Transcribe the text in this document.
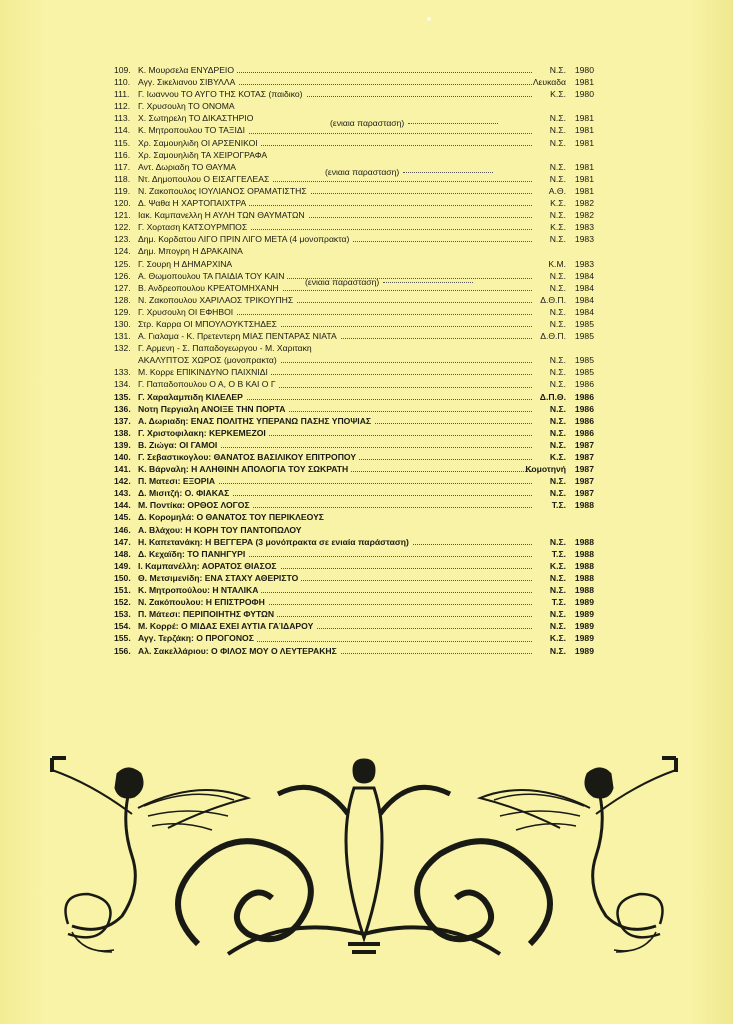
109. Κ. Μουρσελα ΕΝΥΔΡΕΙΟ	Ν.Σ.	1980
110. Αγγ. Σικελιανου ΣΙΒΥΛΛΑ	Λευκαδα	1981
111. Γ. Ιωαννου ΤΟ ΑΥΓΟ ΤΗΣ ΚΟΤΑΣ (παιδικο)	Κ.Σ.	1980
112. Γ. Χρυσουλη ΤΟ ΟΝΟΜΑ
113. Χ. Σωτηρελη ΤΟ ΔΙΚΑΣΤΗΡΙΟ	Ν.Σ.	1981
114. Κ. Μητροπουλου ΤΟ ΤΑΞΙΔΙ	Ν.Σ.	1981
115. Χρ. Σαμουηλιδη ΟΙ ΑΡΣΕΝΙΚΟΙ	Ν.Σ.	1981
116. Χρ. Σαμουηλιδη ΤΑ ΧΕΙΡΟΓΡΑΦΑ
117. Αντ. Δωριαδη ΤΟ ΘΑΥΜΑ	Ν.Σ.	1981
118. Ντ. Δημοπουλου Ο ΕΙΣΑΓΓΕΛΕΑΣ	Ν.Σ.	1981
119. Ν. Ζακοπουλος ΙΟΥΛΙΑΝΟΣ ΟΡΑΜΑΤΙΣΤΗΣ	Α.Θ.	1981
120. Δ. Ψαθα Η ΧΑΡΤΟΠΑΙΧΤΡΑ	Κ.Σ.	1982
121. Ιακ. Καμπανελλη Η ΑΥΛΗ ΤΩΝ ΘΑΥΜΑΤΩΝ	Ν.Σ.	1982
122. Γ. Χορταση ΚΑΤΣΟΥΡΜΠΟΣ	Κ.Σ.	1983
123. Δημ. Κορδατου ΛΙΓΟ ΠΡΙΝ ΛΙΓΟ ΜΕΤΑ (4 μονοπρακτα)	Ν.Σ.	1983
124. Δημ. Μπογρη Η ΔΡΑΚΑΙΝΑ
125. Γ. Σουρη Η ΔΗΜΑΡΧΙΝΑ	Κ.Μ.	1983
126. Α. Θωμοπουλου ΤΑ ΠΑΙΔΙΑ ΤΟΥ ΚΑΙΝ	Ν.Σ.	1984
127. Β. Ανδρεοπουλου ΚΡΕΑΤΟΜΗΧΑΝΗ	Ν.Σ.	1984
128. Ν. Ζακοπουλου ΧΑΡΙΛΑΟΣ ΤΡΙΚΟΥΠΗΣ	Δ.Θ.Π.	1984
129. Γ. Χρυσουλη ΟΙ ΕΦΗΒΟΙ	Ν.Σ.	1984
130. Στρ. Καρρα ΟΙ ΜΠΟΥΛΟΥΚΤΣΗΔΕΣ	Ν.Σ.	1985
131. Α. Γιαλαμα - Κ. Πρετεντερη ΜΙΑΣ ΠΕΝΤΑΡΑΣ ΝΙΑΤΑ	Δ.Θ.Π.	1985
132. Γ. Αρμενη - Σ. Παπαδογεωργου - Μ. Χαριτακη
ΑΚΑΛΥΠΤΟΣ ΧΩΡΟΣ (μονοπρακτα)	Ν.Σ.	1985
133. Μ. Κορρε ΕΠΙΚΙΝΔΥΝΟ ΠΑΙΧΝΙΔΙ	Ν.Σ.	1985
134. Γ. Παπαδοπουλου Ο Α, Ο Β ΚΑΙ Ο Γ	Ν.Σ.	1986
135. Γ. Χαραλαμπιδη ΚΙΛΕΛΕΡ	Δ.Π.Θ.	1986
136. Νοτη Περγιαλη ΑΝΟΙΞΕ ΤΗΝ ΠΟΡΤΑ	Ν.Σ.	1986
137. Α. Δωριαδη: ΕΝΑΣ ΠΟΛΙΤΗΣ ΥΠΕΡΑΝΩ ΠΑΣΗΣ ΥΠΟΨΙΑΣ	Ν.Σ.	1986
138. Γ. Χριστοφιλακη: ΚΕΡΚΕΜΕΖΟΙ	Ν.Σ.	1986
139. Β. Ζιώγα: ΟΙ ΓΑΜΟΙ	Ν.Σ.	1987
140. Γ. Σεβαστικογλου: ΘΑΝΑΤΟΣ ΒΑΣΙΛΙΚΟΥ ΕΠΙΤΡΟΠΟΥ	Κ.Σ.	1987
141. Κ. Βάρναλη: Η ΑΛΗΘΙΝΗ ΑΠΟΛΟΓΙΑ ΤΟΥ ΣΩΚΡΑΤΗ	Κομοτηνή	1987
142. Π. Ματεσι: ΕΞΟΡΙΑ	Ν.Σ.	1987
143. Δ. Μισιτζή: Ο. ΦΙΑΚΑΣ	Ν.Σ.	1987
144. Μ. Ποντίκα: ΟΡΘΟΣ ΛΟΓΟΣ	Τ.Σ.	1988
145. Δ. Κορομηλά: Ο ΘΑΝΑΤΟΣ ΤΟΥ ΠΕΡΙΚΛΕΟΥΣ
146. Α. Βλάχου: Η ΚΟΡΗ ΤΟΥ ΠΑΝΤΟΠΩΛΟΥ
147. Η. Καπετανάκη: Η ΒΕΓΓΕΡΑ (3 μονόπρακτα σε ενιαία παράσταση)	Ν.Σ.	1988
148. Δ. Κεχαϊδη: ΤΟ ΠΑΝΗΓΥΡΙ	Τ.Σ.	1988
149. Ι. Καμπανέλλη: ΑΟΡΑΤΟΣ ΘΙΑΣΟΣ	Κ.Σ.	1988
150. Θ. Μετσιμενίδη: ΕΝΑ ΣΤΑΧΥ ΑΘΕΡΙΣΤΟ	Ν.Σ.	1988
151. Κ. Μητροπούλου: Η ΝΤΑΛΙΚΑ	Ν.Σ.	1988
152. Ν. Ζακόπουλου: Η ΕΠΙΣΤΡΟΦΗ	Τ.Σ.	1989
153. Π. Μάτεσι: ΠΕΡΙΠΟΙΗΤΗΣ ΦΥΤΩΝ	Ν.Σ.	1989
154. Μ. Κορρέ: Ο ΜΙΔΑΣ ΕΧΕΙ ΑΥΤΙΑ ΓΑΊΔΑΡΟΥ	Ν.Σ.	1989
155. Αγγ. Τερζάκη: Ο ΠΡΟΓΟΝΟΣ	Κ.Σ.	1989
156. Αλ. Σακελλάριου: Ο ΦΙΛΟΣ ΜΟΥ Ο ΛΕΥΤΕΡΑΚΗΣ	Ν.Σ.	1989
(ενιαια παρασταση)
(ενιαια παρασταση)
(ενιαια παρασταση)
